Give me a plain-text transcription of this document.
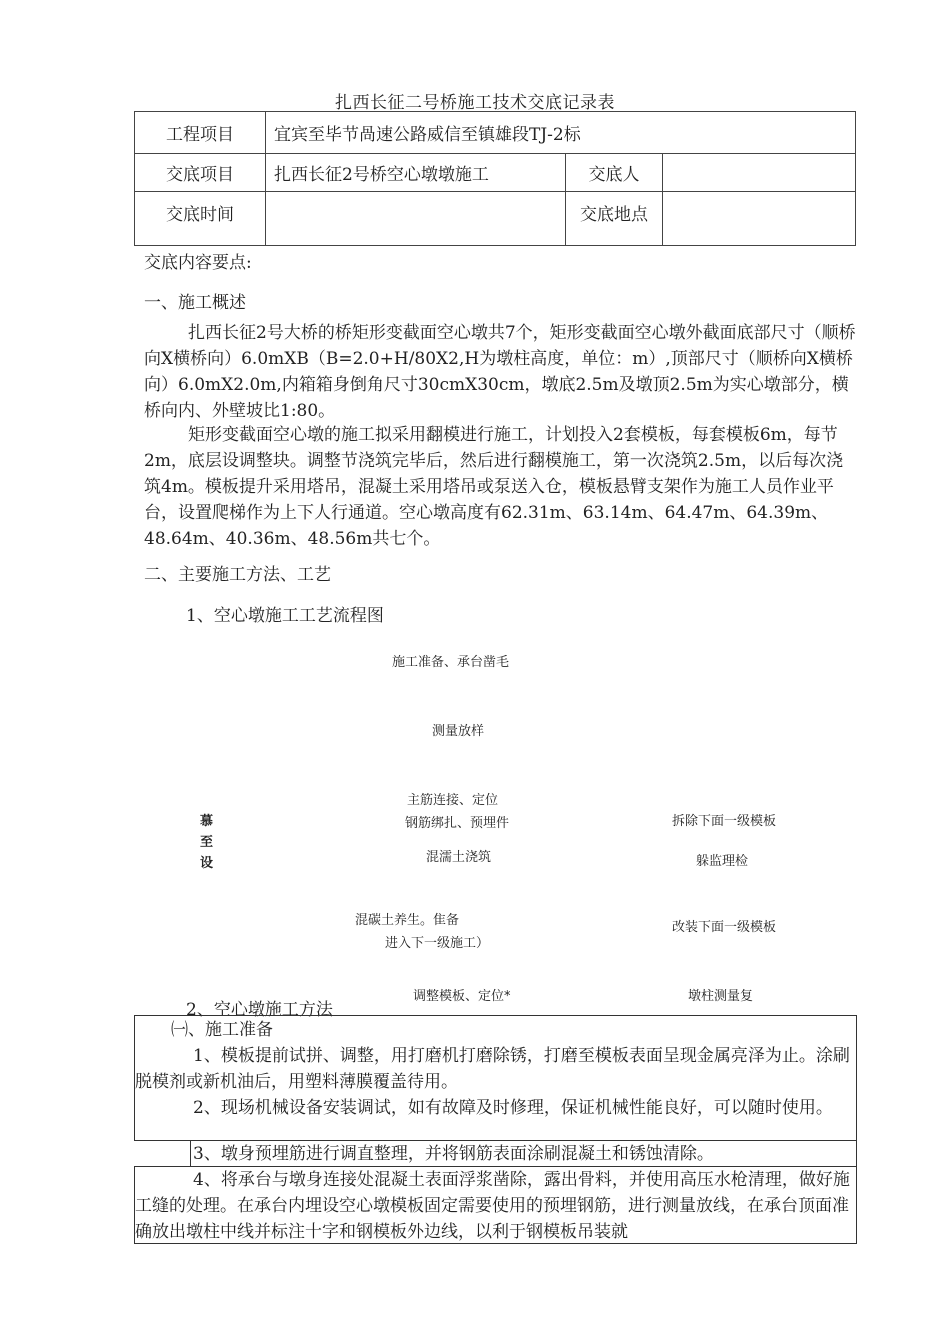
扎西长征二号桥施工技术交底记录表
工程项目	宜宾至毕节咼速公路威信至镇雄段TJ-2标		
交底项目	扎西长征2号桥空心墩墩施工	交底人	
交底时间		交底地点	
交底内容要点:
一、施工概述
扎西长征2号大桥的桥矩形变截面空心墩共7个，矩形变截面空心墩外截面底部尺寸（顺桥向X横桥向）6.0mXB（B=2.0+H/80X2,H为墩柱高度，单位：m）,顶部尺寸（顺桥向X横桥向）6.0mX2.0m,内箱箱身倒角尺寸30cmX30cm，墩底2.5m及墩顶2.5m为实心墩部分，横桥向内、外壁坡比1:80。
矩形变截面空心墩的施工拟采用翻模进行施工，计划投入2套模板，每套模板6m，每节2m，底层设调整块。调整节浇筑完毕后，然后进行翻模施工，第一次浇筑2.5m，以后每次浇筑4m。模板提升采用塔吊，混凝土采用塔吊或泵送入仓，模板悬臂支架作为施工人员作业平台，设置爬梯作为上下人行通道。空心墩高度有62.31m、63.14m、64.47m、64.39m、48.64m、40.36m、48.56m共七个。
二、主要施工方法、工艺
1、空心墩施工工艺流程图
施工准备、承台凿毛
测量放样
主筋连接、定位
钢筋绑扎、预埋件
混濡土浇筑
混碳土养生。隹备
进入下一级施工）
调整模板、定位*
慕
至
设
拆除下面一级模板
躲监理检
改装下面一级模板
墩柱测量复
2、空心墩施工方法

㈠、施工准备

1、模板提前试拼、调整，用打磨机打磨除锈，打磨至模板表面呈现金属亮泽为止。涂刷脱模剂或新机油后，用塑料薄膜覆盖待用。

2、现场机械设备安装调试，如有故障及时修理，保证机械性能良好，可以随时使用。

3、墩身预埋筋进行调直整理，并将钢筋表面涂刷混凝土和锈蚀清除。

4、将承台与墩身连接处混凝土表面浮浆凿除，露出骨料，并使用高压水枪清理，做好施工缝的处理。在承台内埋设空心墩模板固定需要使用的预埋钢筋，进行测量放线，在承台顶面准确放出墩柱中线并标注十字和钢模板外边线，以利于钢模板吊装就
